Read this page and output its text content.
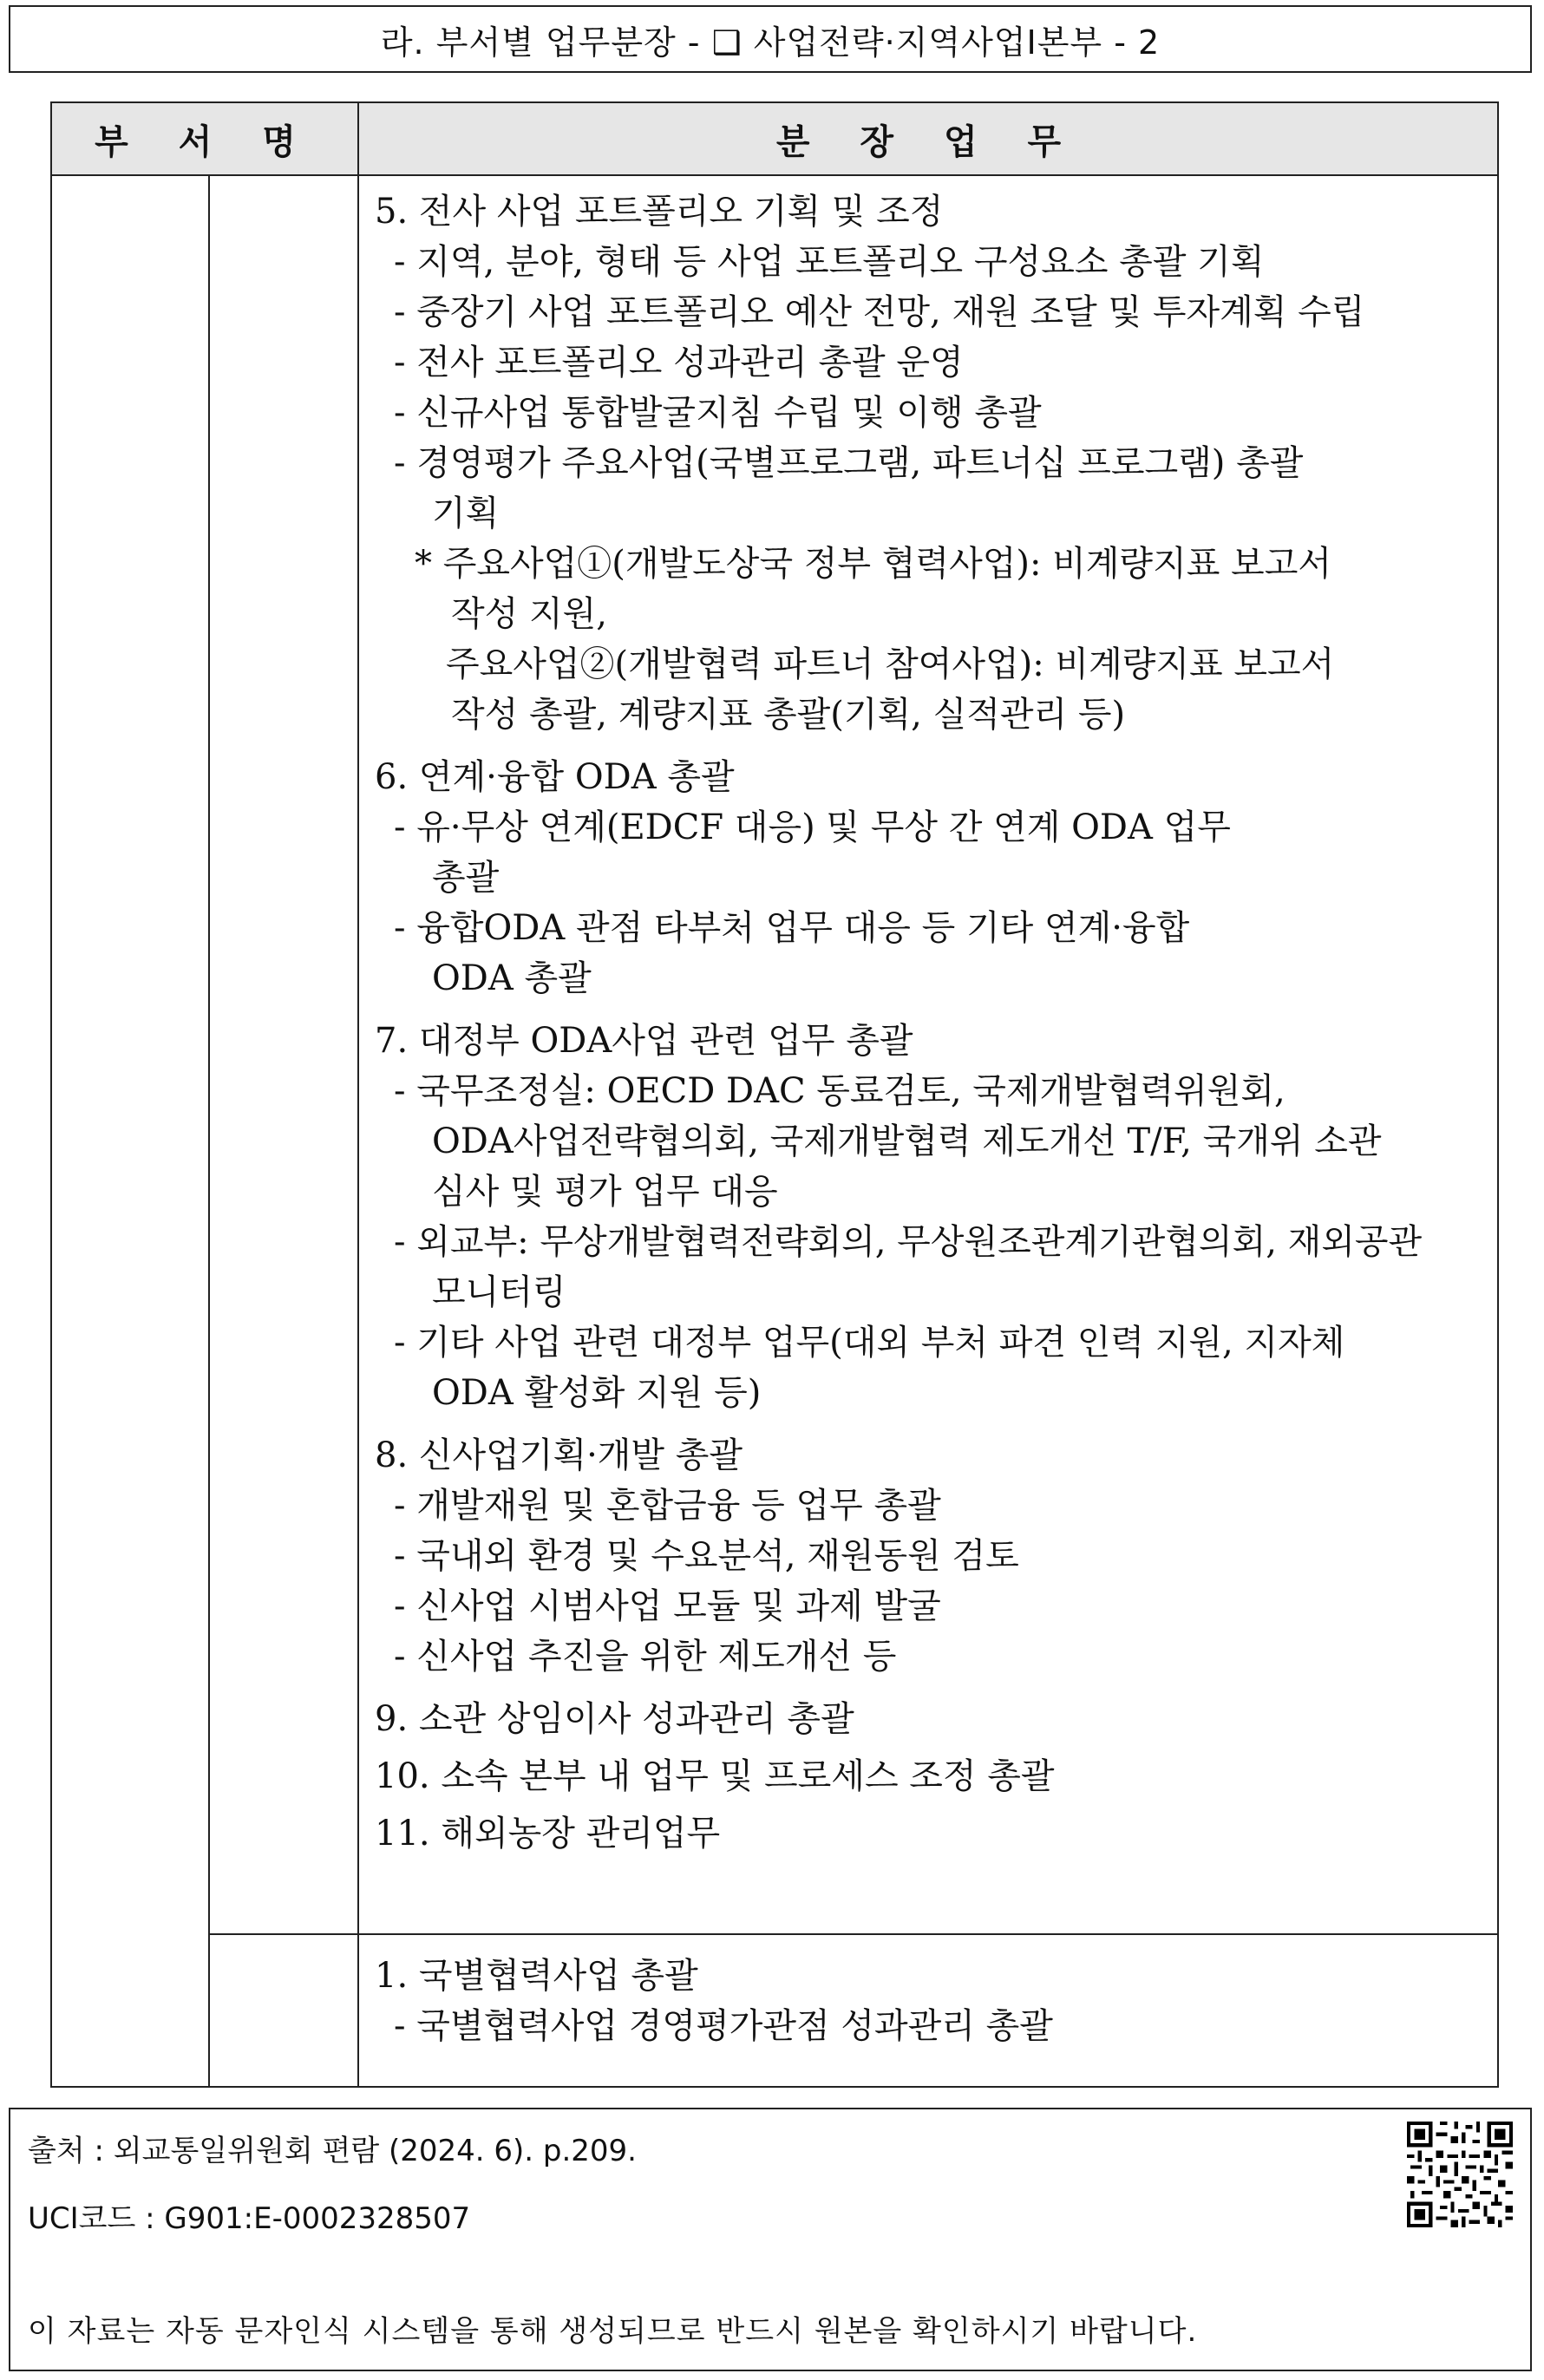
라. 부서별 업무분장 - ❑ 사업전략·지역사업Ⅰ본부 - 2
부 서 명	분 장 업 무
5. 전사 사업 포트폴리오 기획 및 조정
- 지역, 분야, 형태 등 사업 포트폴리오 구성요소 총괄 기획
- 중장기 사업 포트폴리오 예산 전망, 재원 조달 및 투자계획 수립
- 전사 포트폴리오 성과관리 총괄 운영
- 신규사업 통합발굴지침 수립 및 이행 총괄
- 경영평가 주요사업(국별프로그램, 파트너십 프로그램) 총괄
기획
* 주요사업①(개발도상국 정부 협력사업): 비계량지표 보고서
작성 지원,
주요사업②(개발협력 파트너 참여사업): 비계량지표 보고서
작성 총괄, 계량지표 총괄(기획, 실적관리 등)
6. 연계·융합 ODA 총괄
- 유·무상 연계(EDCF 대응) 및 무상 간 연계 ODA 업무
총괄
- 융합ODA 관점 타부처 업무 대응 등 기타 연계·융합
ODA 총괄
7. 대정부 ODA사업 관련 업무 총괄
- 국무조정실: OECD DAC 동료검토, 국제개발협력위원회,
ODA사업전략협의회, 국제개발협력 제도개선 T/F, 국개위 소관
심사 및 평가 업무 대응
- 외교부: 무상개발협력전략회의, 무상원조관계기관협의회, 재외공관
모니터링
- 기타 사업 관련 대정부 업무(대외 부처 파견 인력 지원, 지자체
ODA 활성화 지원 등)
8. 신사업기획·개발 총괄
- 개발재원 및 혼합금융 등 업무 총괄
- 국내외 환경 및 수요분석, 재원동원 검토
- 신사업 시범사업 모듈 및 과제 발굴
- 신사업 추진을 위한 제도개선 등
9. 소관 상임이사 성과관리 총괄
10. 소속 본부 내 업무 및 프로세스 조정 총괄
11. 해외농장 관리업무
1. 국별협력사업 총괄
- 국별협력사업 경영평가관점 성과관리 총괄
출처 : 외교통일위원회 편람 (2024. 6). p.209.
UCI코드 : G901:E-0002328507
이 자료는 자동 문자인식 시스템을 통해 생성되므로 반드시 원본을 확인하시기 바랍니다.
